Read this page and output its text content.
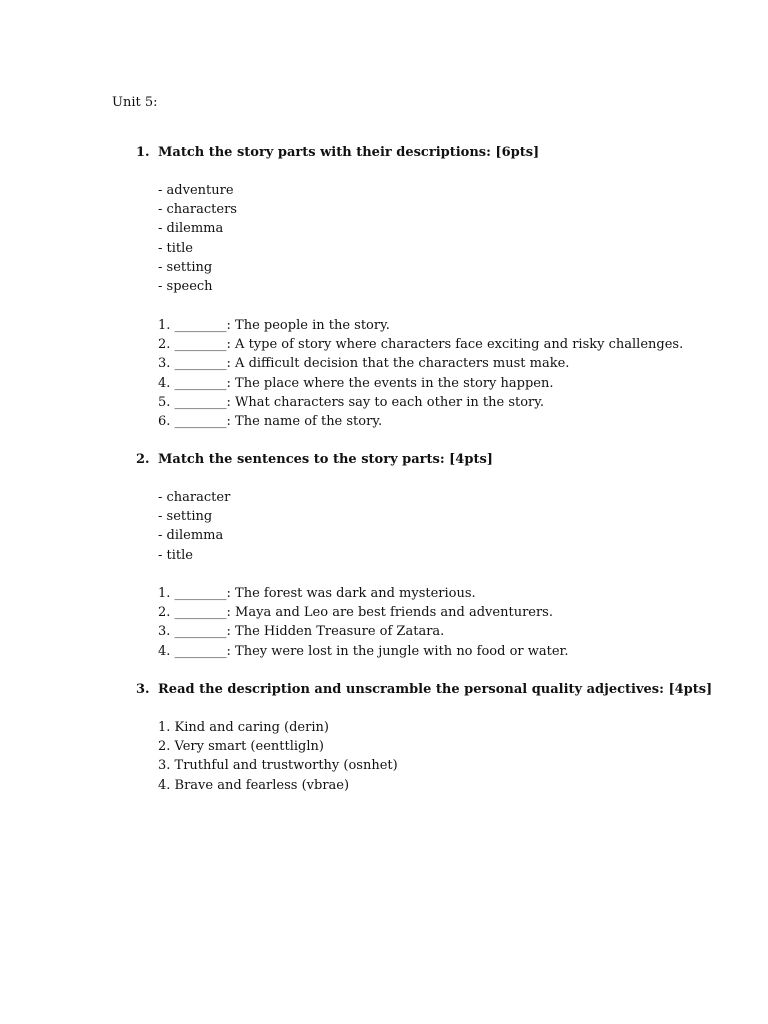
Unit 5:
1. Match the story parts with their descriptions: [6pts]
- adventure
- characters
- dilemma
- title
- setting
- speech
1. ________: The people in the story.
2. ________: A type of story where characters face exciting and risky challenges.
3. ________: A difficult decision that the characters must make.
4. ________: The place where the events in the story happen.
5. ________: What characters say to each other in the story.
6. ________: The name of the story.
2. Match the sentences to the story parts: [4pts]
- character
- setting
- dilemma
- title
1. ________: The forest was dark and mysterious.
2. ________: Maya and Leo are best friends and adventurers.
3. ________: The Hidden Treasure of Zatara.
4. ________: They were lost in the jungle with no food or water.
3. Read the description and unscramble the personal quality adjectives: [4pts]
1. Kind and caring (derin)
2. Very smart (eenttligln)
3. Truthful and trustworthy (osnhet)
4. Brave and fearless (vbrae)
